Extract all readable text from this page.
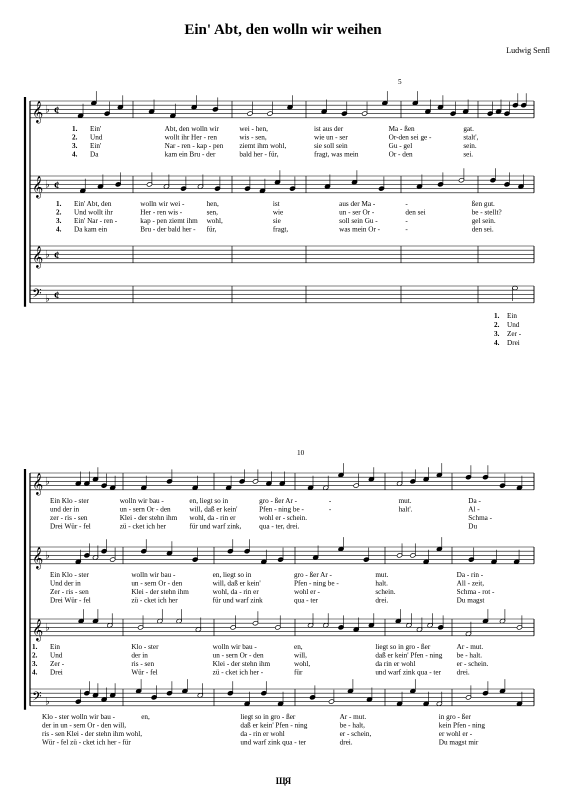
Ein' Abt, den wolln wir weihen
Ludwig Senfl
𝄞 ♭ ¢
𝄞 ♭ ¢
𝄞 ♭ ¢
𝄢 ♭ ¢
5
1. Ein'	Abt, den wolln wir	wei - hen,	ist aus der	Ma - ßen	gat.
2. Und	wollt ihr Her - ren	wis - sen,	wie un - ser	Or-den sei ge -	stalt',
3. Ein'	Nar - ren - kap - pen ziemt ihm wohl,	sie soll sein	Gu - gel	sein.
4. Da	kam ein Bru - der	bald her - für,	fragt, was mein	Or - den	sei.
1. Ein' Abt, den	wolln wir wei -	hen,	ist	aus der Ma -	-	ßen gut.
2. Und wollt ihr	Her - ren wis -	sen,	wie	un - ser Or -	den sei	be - stellt?
3. Ein' Nar - ren -	kap - pen ziemt ihm wohl,	sie	soll sein Gu -	-	gel sein.
4. Da kam ein	Bru - der bald her - für,	fragt,	was mein Or -	-	den sei.
1. Ein
2. Und
3. Zer -
4. Drei
𝄞 ♭
𝄞 ♭
𝄞 ♭
𝄢 ♭
10
Ein Klo - ster	wolln wir bau -	en, liegt so in	gro - ßer Ar -	-	mut.	Da -
und der in	un - sern Or - den	will, daß er kein'	Pfen - ning be -	-	halt'.	Al -
zer - ris - sen	Klei - der stehn ihm wohl, da - rin er	wohl er - schein.	Schma -
Drei Wür - fel	zü - cket ich her	für und warf zink, qua - ter, drei.	Du
Ein Klo - ster	wolln wir bau -	en, liegt so in	gro - ßer Ar -	mut.	Da - rin -
Und der in	un - sern Or - den	will, daß er kein'	Pfen - ning be -	halt.	All - zeit,
Zer - ris - sen	Klei - der stehn ihm	wohl, da - rin er	wohl er -	schein.	Schma - rot -
Drei Wür - fel	zü - cket ich her	für und warf zink	qua - ter	drei.	Du magst
1. Ein	Klo - ster	wolln wir bau -	en,	liegt so in gro - ßer	Ar - mut.
2. Und	der in	un - sern Or - den	will,	daß er kein' Pfen - ning be - halt.
3. Zer -	ris - sen	Klei - der stehn ihm	wohl,	da rin er wohl	er - schein.
4. Drei	Wür - fel	zü - cket ich her -	für	und warf zink qua - ter drei.
Klo - ster wolln wir bau -	en,	liegt so in gro - ßer	Ar - mut.	in gro - ßer
der in un - sern Or - den will,	daß er kein' Pfen - ning	be - halt,	kein Pfen - ning
ris - sen Klei - der stehn ihm wohl,	da - rin er wohl	er - schein,	er wohl er -
Wür - fel zü - cket ich her - für	und warf zink qua - ter	drei.	Du magst mir
ЩЯ
